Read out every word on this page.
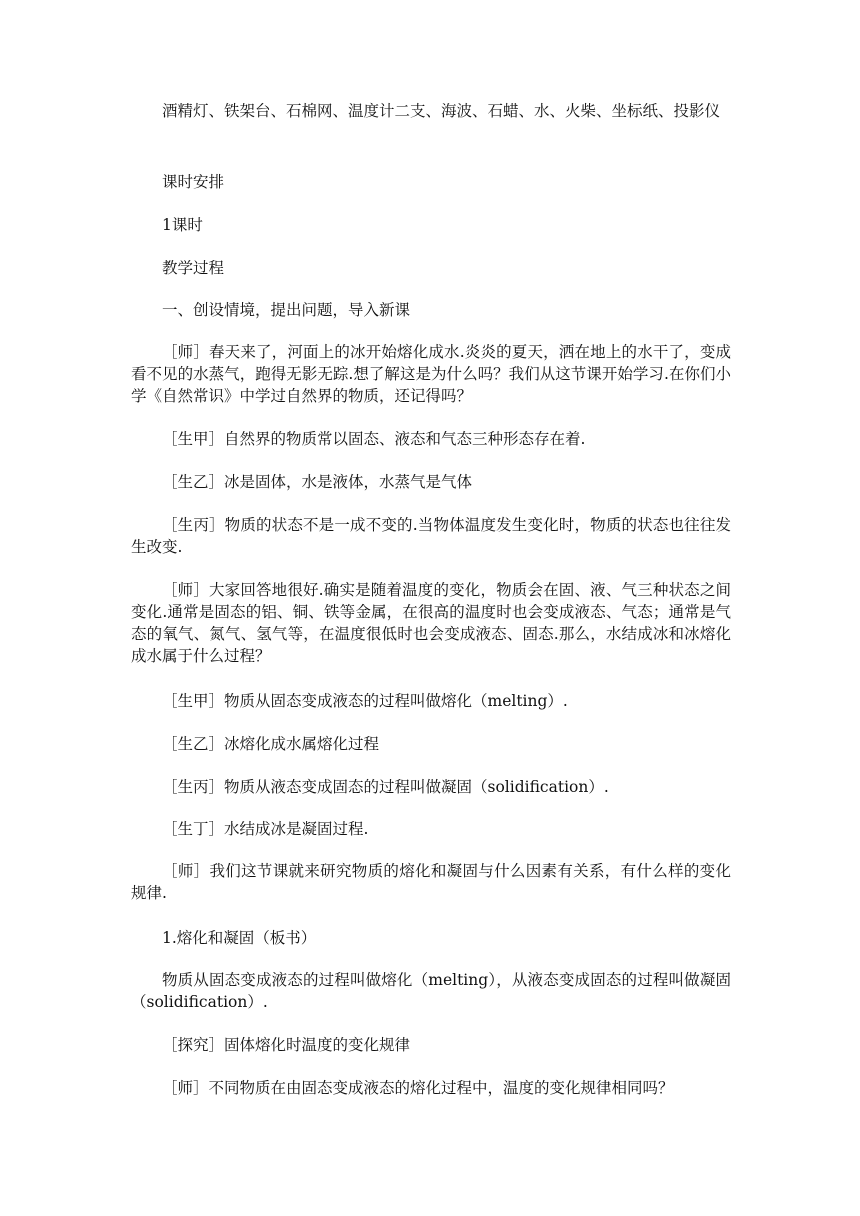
酒精灯、铁架台、石棉网、温度计二支、海波、石蜡、水、火柴、坐标纸、投影仪

课时安排

1课时

教学过程

一、创设情境，提出问题，导入新课

［师］春天来了，河面上的冰开始熔化成水.炎炎的夏天，洒在地上的水干了，变成看不见的水蒸气，跑得无影无踪.想了解这是为什么吗？我们从这节课开始学习.在你们小学《自然常识》中学过自然界的物质，还记得吗？

［生甲］自然界的物质常以固态、液态和气态三种形态存在着.

［生乙］冰是固体，水是液体，水蒸气是气体

［生丙］物质的状态不是一成不变的.当物体温度发生变化时，物质的状态也往往发生改变.

［师］大家回答地很好.确实是随着温度的变化，物质会在固、液、气三种状态之间变化.通常是固态的铝、铜、铁等金属，在很高的温度时也会变成液态、气态；通常是气态的氧气、氮气、氢气等，在温度很低时也会变成液态、固态.那么，水结成冰和冰熔化成水属于什么过程？

［生甲］物质从固态变成液态的过程叫做熔化（melting）.

［生乙］冰熔化成水属熔化过程

［生丙］物质从液态变成固态的过程叫做凝固（solidification）.

［生丁］水结成冰是凝固过程.

［师］我们这节课就来研究物质的熔化和凝固与什么因素有关系，有什么样的变化规律.

1.熔化和凝固（板书）

物质从固态变成液态的过程叫做熔化（melting），从液态变成固态的过程叫做凝固（solidification）.

［探究］固体熔化时温度的变化规律

［师］不同物质在由固态变成液态的熔化过程中，温度的变化规律相同吗？
